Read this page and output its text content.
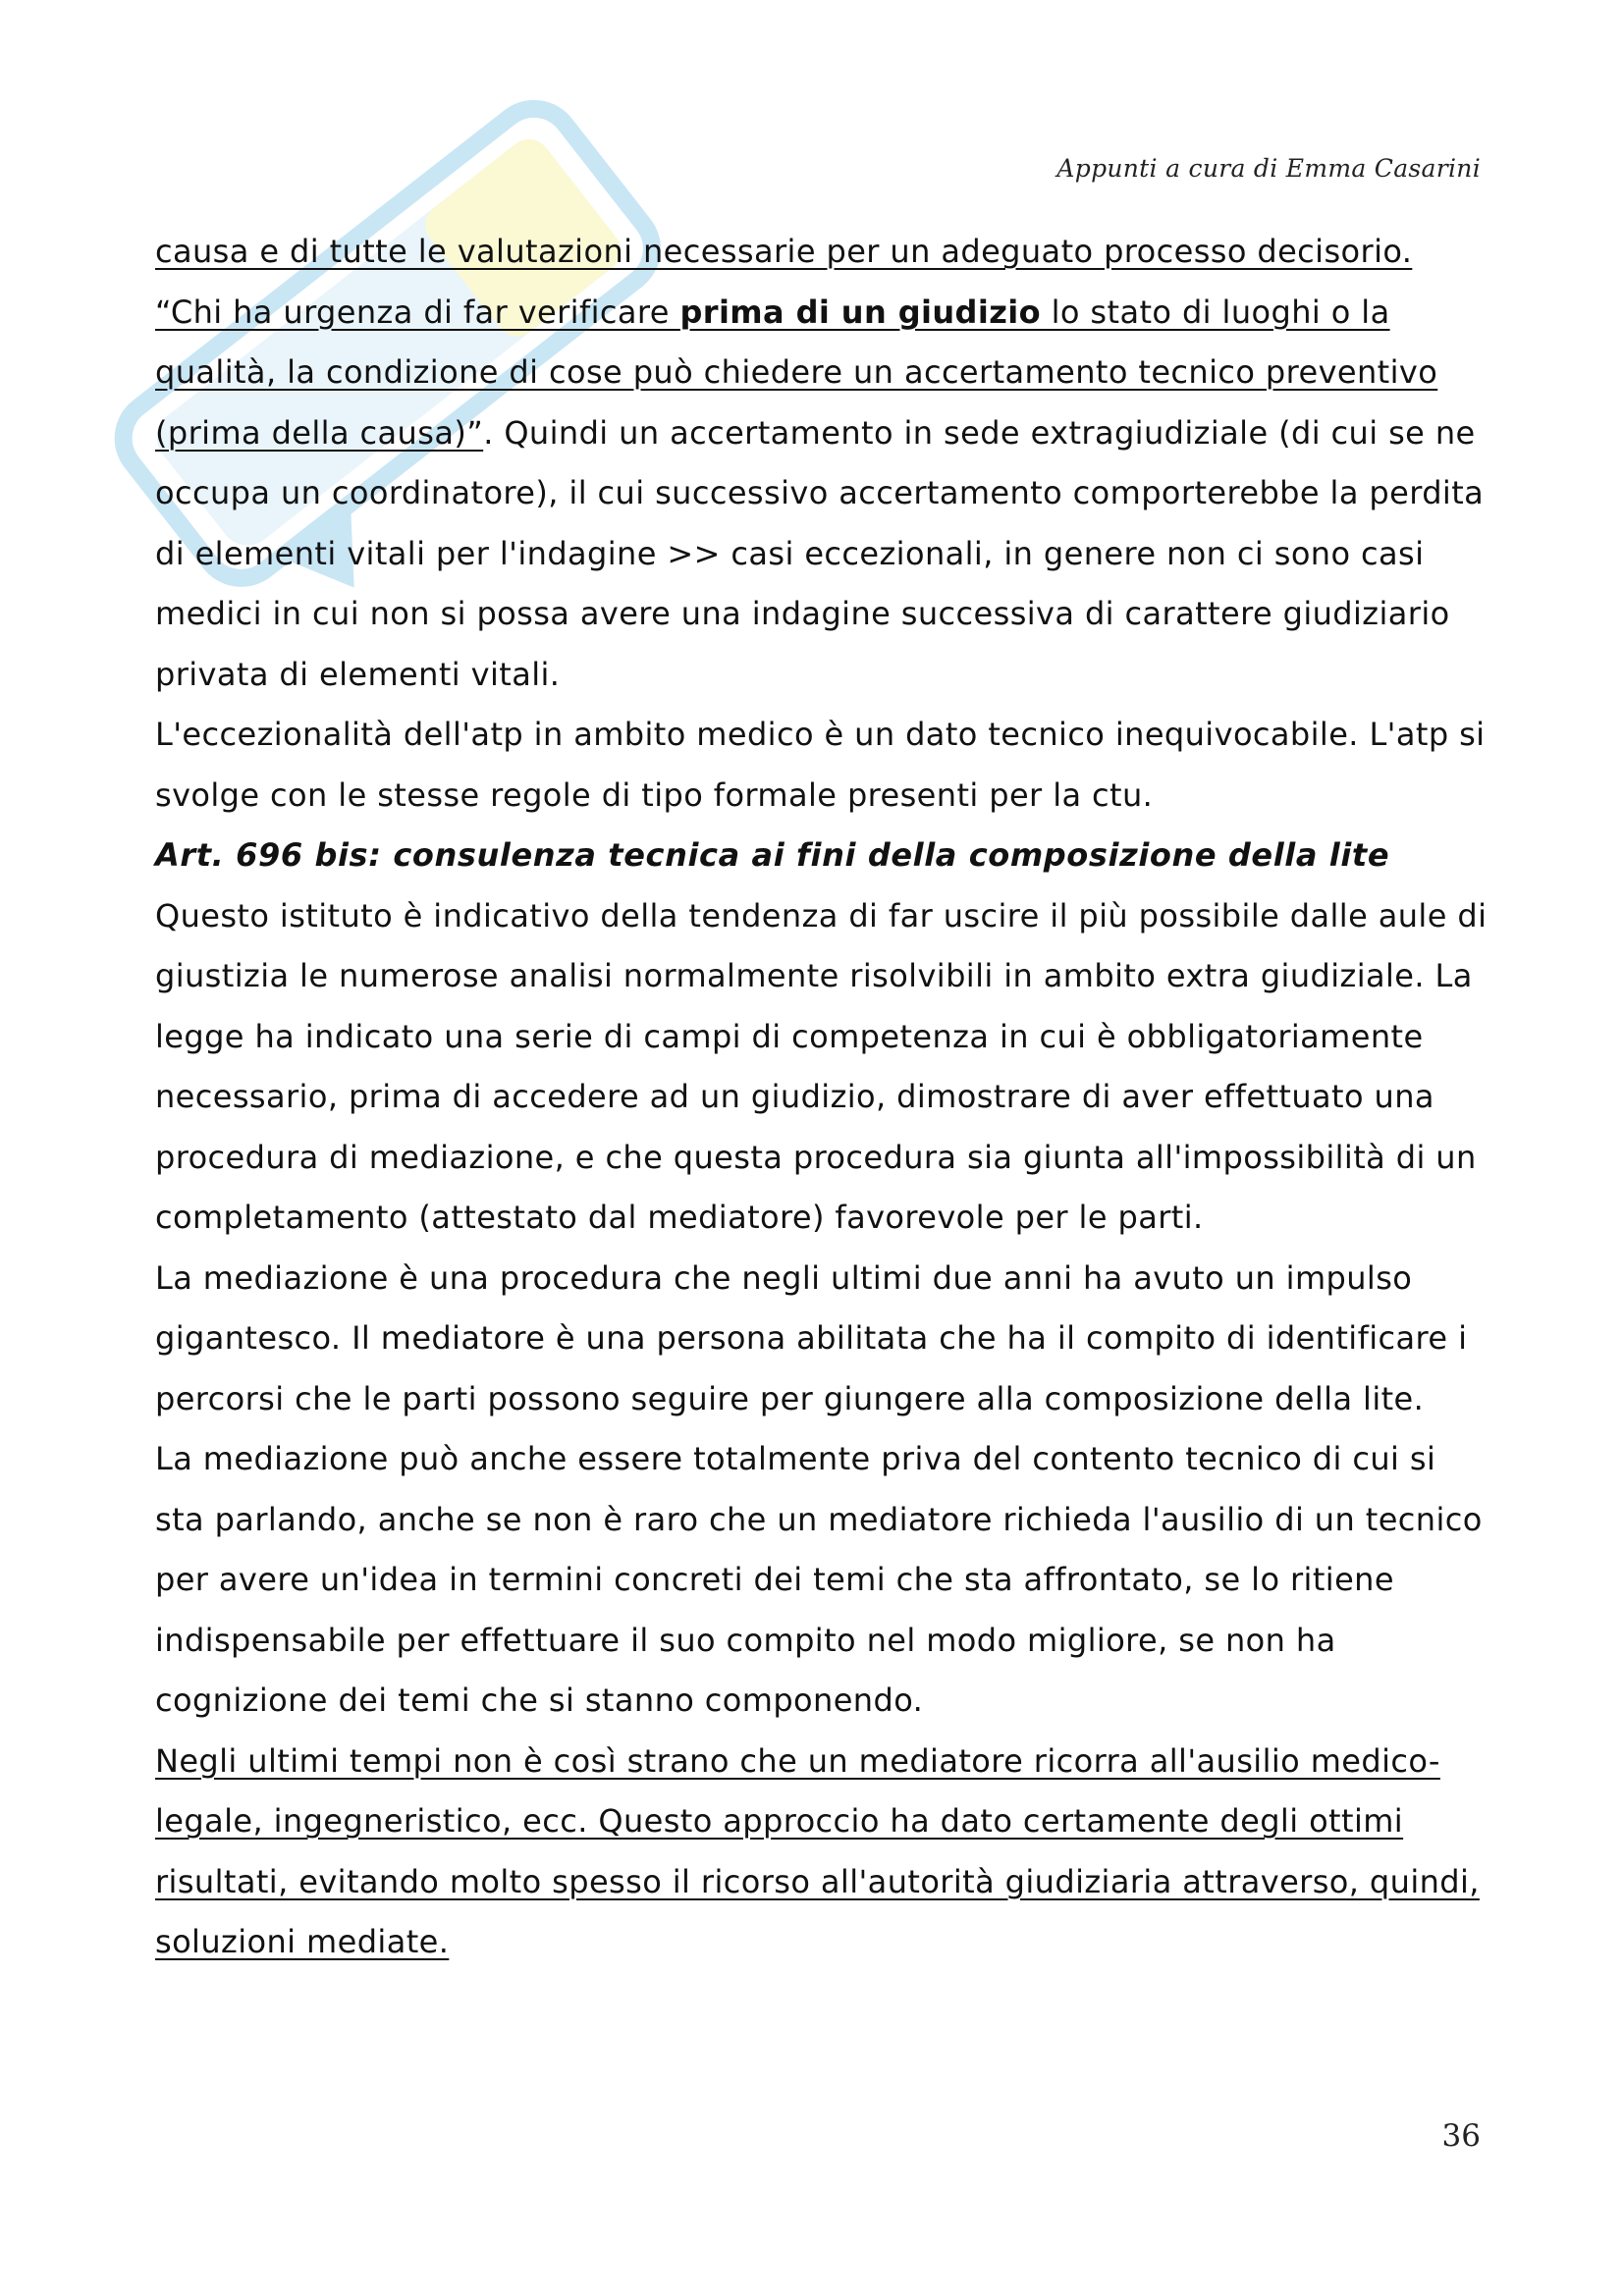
Appunti a cura di Emma Casarini

causa e di tutte le valutazioni necessarie per un adeguato processo decisorio.

“Chi ha urgenza di far verificare prima di un giudizio lo stato di luoghi o la qualità, la condizione di cose può chiedere un accertamento tecnico preventivo (prima della causa)”. Quindi un accertamento in sede extragiudiziale (di cui se ne occupa un coordinatore), il cui successivo accertamento comporterebbe la perdita di elementi vitali per l'indagine >> casi eccezionali, in genere non ci sono casi medici in cui non si possa avere una indagine successiva di carattere giudiziario privata di elementi vitali.

L'eccezionalità dell'atp in ambito medico è un dato tecnico inequivocabile. L'atp si svolge con le stesse regole di tipo formale presenti per la ctu.

Art. 696 bis: consulenza tecnica ai fini della composizione della lite

Questo istituto è indicativo della tendenza di far uscire il più possibile dalle aule di giustizia le numerose analisi normalmente risolvibili in ambito extra giudiziale. La legge ha indicato una serie di campi di competenza in cui è obbligatoriamente necessario, prima di accedere ad un giudizio, dimostrare di aver effettuato una procedura di mediazione, e che questa procedura sia giunta all'impossibilità di un completamento (attestato dal mediatore) favorevole per le parti.

La mediazione è una procedura che negli ultimi due anni ha avuto un impulso gigantesco. Il mediatore è una persona abilitata che ha il compito di identificare i percorsi che le parti possono seguire per giungere alla composizione della lite.

La mediazione può anche essere totalmente priva del contento tecnico di cui si sta parlando, anche se non è raro che un mediatore richieda l'ausilio di un tecnico per avere un'idea in termini concreti dei temi che sta affrontato, se lo ritiene indispensabile per effettuare il suo compito nel modo migliore, se non ha cognizione dei temi che si stanno componendo.

Negli ultimi tempi non è così strano che un mediatore ricorra all'ausilio medico-legale, ingegneristico, ecc. Questo approccio ha dato certamente degli ottimi risultati, evitando molto spesso il ricorso all'autorità giudiziaria attraverso, quindi, soluzioni mediate.

36
